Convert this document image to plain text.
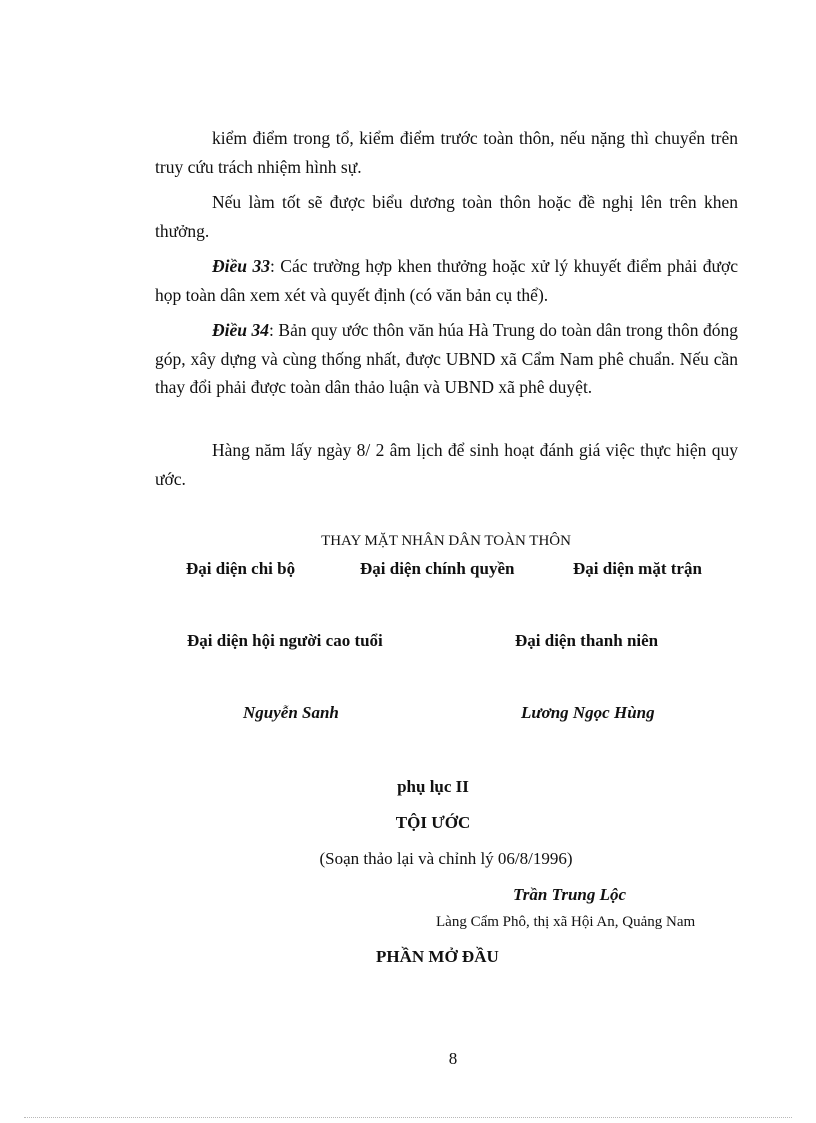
kiểm điểm trong tổ, kiểm điểm trước toàn thôn, nếu nặng thì chuyển trên truy cứu trách nhiệm hình sự.

Nếu làm tốt sẽ được biểu dương toàn thôn hoặc đề nghị lên trên khen thưởng.

Điều 33: Các trường hợp khen thưởng hoặc xử lý khuyết điểm phải được họp toàn dân xem xét và quyết định (có văn bản cụ thể).

Điều 34: Bản quy ước thôn văn húa Hà Trung do toàn dân trong thôn đóng góp, xây dựng và cùng thống nhất, được UBND xã Cẩm Nam phê chuẩn. Nếu cần thay đổi phải được toàn dân thảo luận và UBND xã phê duyệt.

Hàng năm lấy ngày 8/ 2 âm lịch để sinh hoạt đánh giá việc thực hiện quy ước.

THAY MẶT NHÂN DÂN TOÀN THÔN

Đại diện chi bộ	Đại diện chính quyền	Đại diện mặt trận

Đại diện hội người cao tuổi	Đại diện thanh niên

Nguyễn Sanh	Lương Ngọc Hùng

phụ lục II

TỘI ƯỚC

(Soạn thảo lại và chỉnh lý 06/8/1996)

Trần Trung Lộc

Làng Cẩm Phô, thị xã Hội An, Quảng Nam

PHẦN MỞ ĐẦU

8
